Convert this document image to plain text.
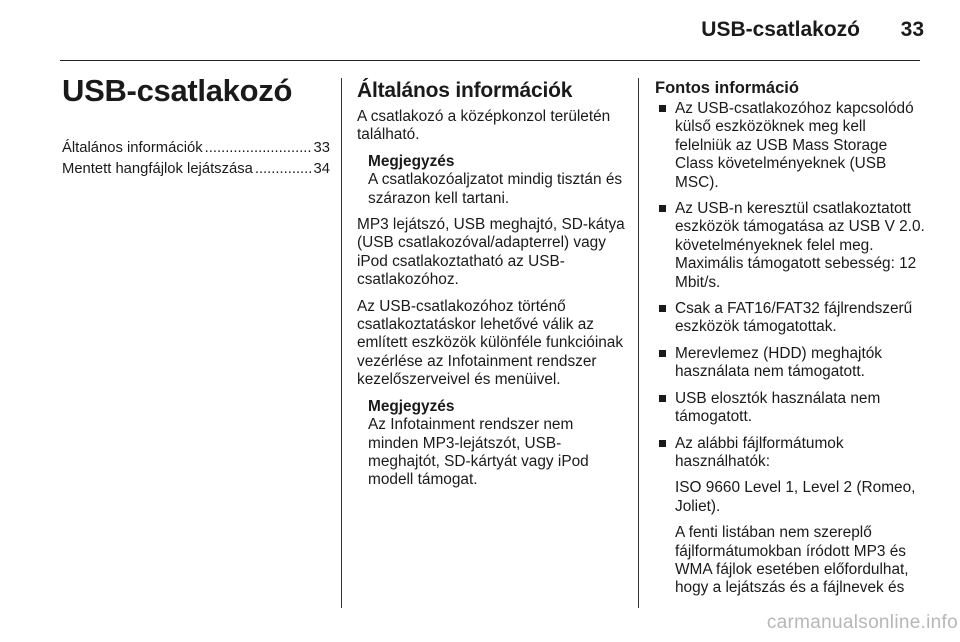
USB-csatlakozó	33
USB-csatlakozó
Általános információk .....	33
Mentett hangfájlok lejátszása .....	34
Általános információk

A csatlakozó a középkonzol területén található.

Megjegyzés
A csatlakozóaljzatot mindig tisztán és szárazon kell tartani.

MP3 lejátszó, USB meghajtó, SD-kátya (USB csatlakozóval/adapterrel) vagy iPod csatlakoztatható az USB-csatlakozóhoz.

Az USB-csatlakozóhoz történő csatlakoztatáskor lehetővé válik az említett eszközök különféle funkcióinak vezérlése az Infotainment rendszer kezelőszerveivel és menüivel.

Megjegyzés
Az Infotainment rendszer nem minden MP3-lejátszót, USB-meghajtót, SD-kártyát vagy iPod modell támogat.
Fontos információ
Az USB-csatlakozóhoz kapcsolódó külső eszközöknek meg kell felelniük az USB Mass Storage Class követelményeknek (USB MSC).
Az USB-n keresztül csatlakoztatott eszközök támogatása az USB V 2.0. követelményeknek felel meg. Maximális támogatott sebesség: 12 Mbit/s.
Csak a FAT16/FAT32 fájlrendszerű eszközök támogatottak.
Merevlemez (HDD) meghajtók használata nem támogatott.
USB elosztók használata nem támogatott.
Az alábbi fájlformátumok használhatók:
ISO 9660 Level 1, Level 2 (Romeo, Joliet).
A fenti listában nem szereplő fájlformátumokban íródott MP3 és WMA fájlok esetében előfordulhat, hogy a lejátszás és a fájlnevek és
carmanualsonline.info
